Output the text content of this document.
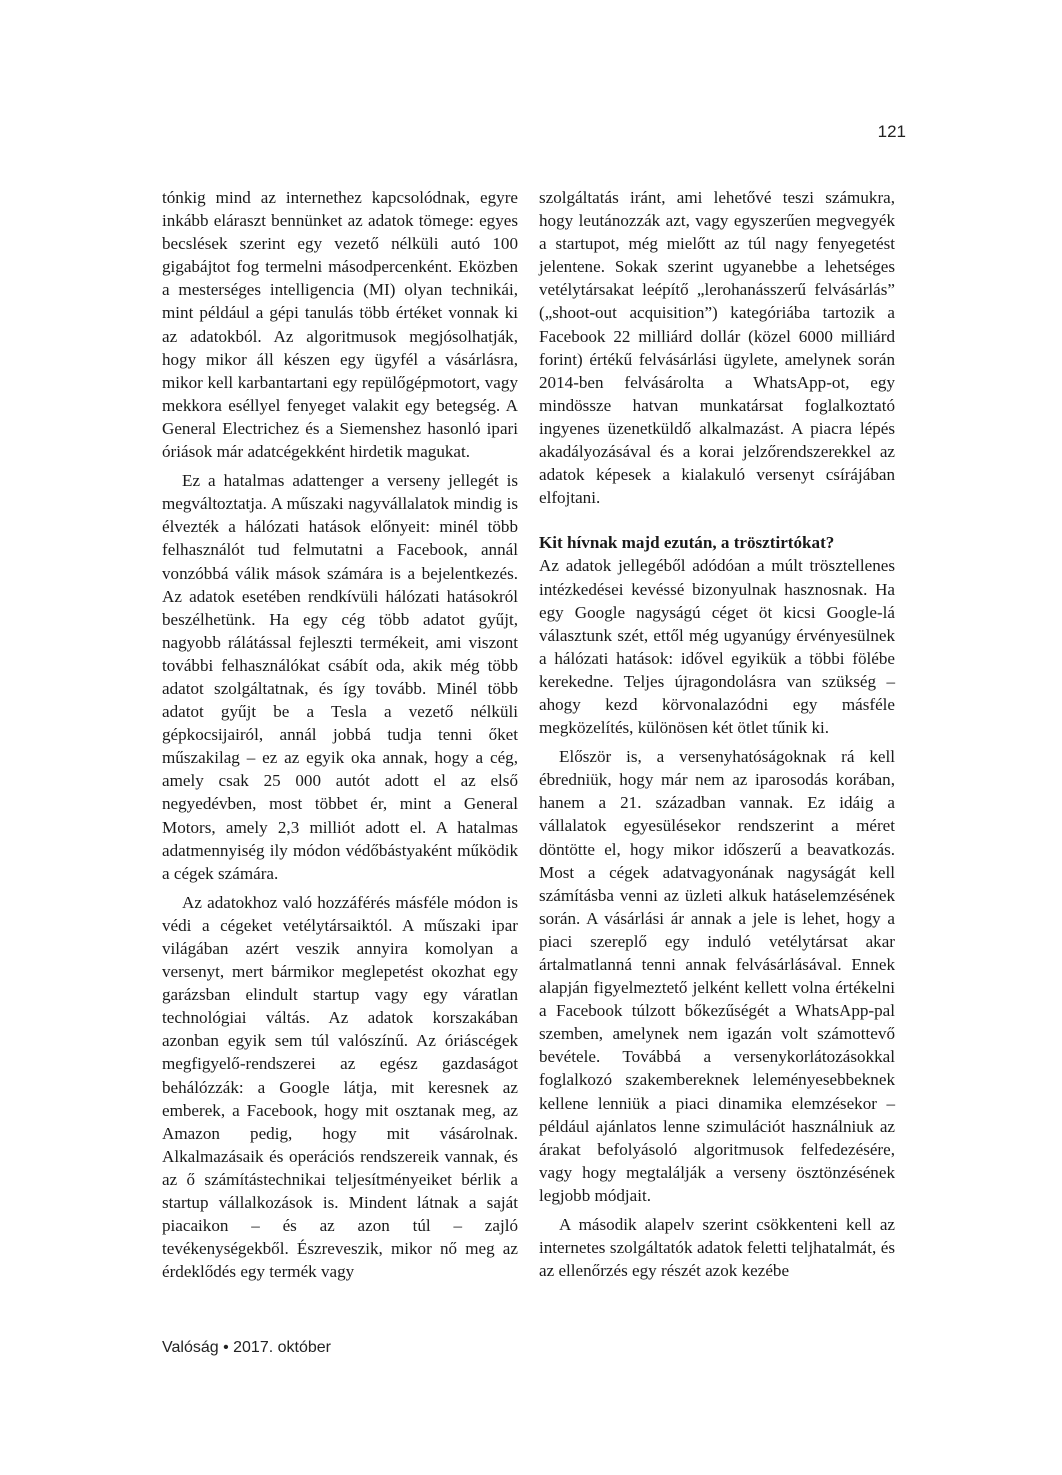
121

tónkig mind az internethez kapcsolódnak, egyre inkább eláraszt bennünket az adatok tömege: egyes becslések szerint egy vezető nélküli autó 100 gigabájtot fog termelni másodpercenként. Eközben a mesterséges intelligencia (MI) olyan technikái, mint például a gépi tanulás több értéket vonnak ki az adatokból. Az algoritmusok megjósolhatják, hogy mikor áll készen egy ügyfél a vásárlásra, mikor kell karbantartani egy repülőgépmotort, vagy mekkora eséllyel fenyeget valakit egy betegség. A General Electrichez és a Siemenshez hasonló ipari óriások már adatcégekként hirdetik magukat.

Ez a hatalmas adattenger a verseny jellegét is megváltoztatja. A műszaki nagyvállalatok mindig is élvezték a hálózati hatások előnyeit: minél több felhasználót tud felmutatni a Facebook, annál vonzóbbá válik mások számára is a bejelentkezés. Az adatok esetében rendkívüli hálózati hatásokról beszélhetünk. Ha egy cég több adatot gyűjt, nagyobb rálátással fejleszti termékeit, ami viszont további felhasználókat csábít oda, akik még több adatot szolgáltatnak, és így tovább. Minél több adatot gyűjt be a Tesla a vezető nélküli gépkocsijairól, annál jobbá tudja tenni őket műszakilag – ez az egyik oka annak, hogy a cég, amely csak 25 000 autót adott el az első negyedévben, most többet ér, mint a General Motors, amely 2,3 milliót adott el. A hatalmas adatmennyiség ily módon védőbástyaként működik a cégek számára.

Az adatokhoz való hozzáférés másféle módon is védi a cégeket vetélytársaiktól. A műszaki ipar világában azért veszik annyira komolyan a versenyt, mert bármikor meglepetést okozhat egy garázsban elindult startup vagy egy váratlan technológiai váltás. Az adatok korszakában azonban egyik sem túl valószínű. Az óriáscégek megfigyelő-rendszerei az egész gazdaságot behálózzák: a Google látja, mit keresnek az emberek, a Facebook, hogy mit osztanak meg, az Amazon pedig, hogy mit vásárolnak. Alkalmazásaik és operációs rendszereik vannak, és az ő számítástechnikai teljesítményeiket bérlik a startup vállalkozások is. Mindent látnak a saját piacaikon – és az azon túl – zajló tevékenységekből. Észreveszik, mikor nő meg az érdeklődés egy termék vagy

szolgáltatás iránt, ami lehetővé teszi számukra, hogy leutánozzák azt, vagy egyszerűen megvegyék a startupot, még mielőtt az túl nagy fenyegetést jelentene. Sokak szerint ugyanebbe a lehetséges vetélytársakat leépítő „lerohanásszerű felvásárlás” („shoot-out acquisition”) kategóriába tartozik a Facebook 22 milliárd dollár (közel 6000 milliárd forint) értékű felvásárlási ügylete, amelynek során 2014-ben felvásárolta a WhatsApp-ot, egy mindössze hatvan munkatársat foglalkoztató ingyenes üzenetküldő alkalmazást. A piacra lépés akadályozásával és a korai jelzőrendszerekkel az adatok képesek a kialakuló versenyt csírájában elfojtani.

Kit hívnak majd ezután, a trösztirtókat?

Az adatok jellegéből adódóan a múlt trösztellenes intézkedései kevéssé bizonyulnak hasznosnak. Ha egy Google nagyságú céget öt kicsi Google-lá választunk szét, ettől még ugyanúgy érvényesülnek a hálózati hatások: idővel egyikük a többi fölébe kerekedne. Teljes újragondolásra van szükség – ahogy kezd körvonalazódni egy másféle megközelítés, különösen két ötlet tűnik ki.

Először is, a versenyhatóságoknak rá kell ébredniük, hogy már nem az iparosodás korában, hanem a 21. században vannak. Ez idáig a vállalatok egyesülésekor rendszerint a méret döntötte el, hogy mikor időszerű a beavatkozás. Most a cégek adatvagyonának nagyságát kell számításba venni az üzleti alkuk hatáselemzésének során. A vásárlási ár annak a jele is lehet, hogy a piaci szereplő egy induló vetélytársat akar ártalmatlanná tenni annak felvásárlásával. Ennek alapján figyelmeztető jelként kellett volna értékelni a Facebook túlzott bőkezűségét a WhatsApp-pal szemben, amelynek nem igazán volt számottevő bevétele. Továbbá a versenykorlátozásokkal foglalkozó szakembereknek leleményesebbeknek kellene lenniük a piaci dinamika elemzésekor – például ajánlatos lenne szimulációt használniuk az árakat befolyásoló algoritmusok felfedezésére, vagy hogy megtalálják a verseny ösztönzésének legjobb módjait.

A második alapelv szerint csökkenteni kell az internetes szolgáltatók adatok feletti teljhatalmát, és az ellenőrzés egy részét azok kezébe

Valóság • 2017. október
